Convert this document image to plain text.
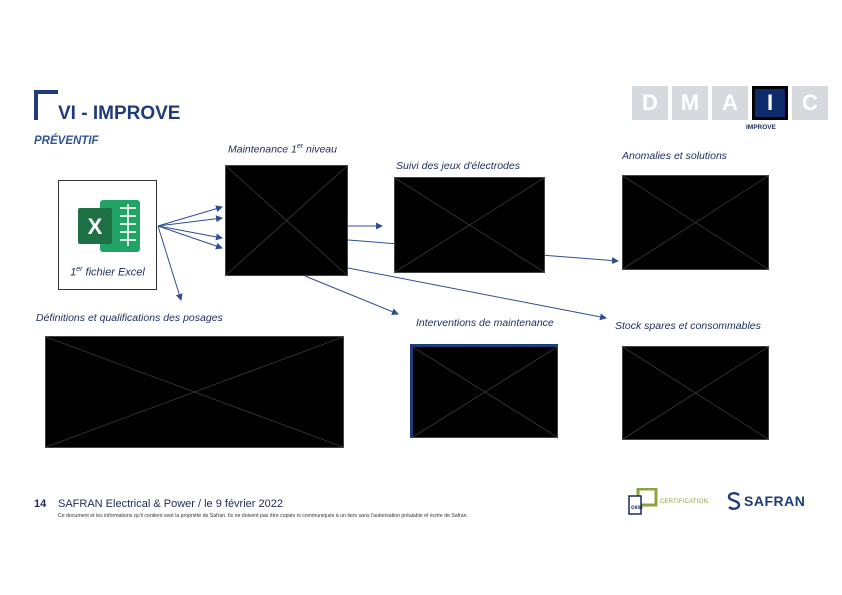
VI - IMPROVE
PRÉVENTIF
D	M	A	I	C
IMPROVE
X
1er fichier Excel
Maintenance 1er niveau
Suivi des jeux d'électrodes
Anomalies et solutions
Définitions et qualifications des posages	Interventions de maintenance	Stock spares et consommables
14 SAFRAN Electrical & Power / le 9 février 2022
Ce document et les informations qu'il contient sont la propriété de Safran. Ils ne doivent pas être copiés ni communiqués à un tiers sans l'autorisation préalable et écrite de Safran.
cesi
CERTIFICATION	SAFRAN
